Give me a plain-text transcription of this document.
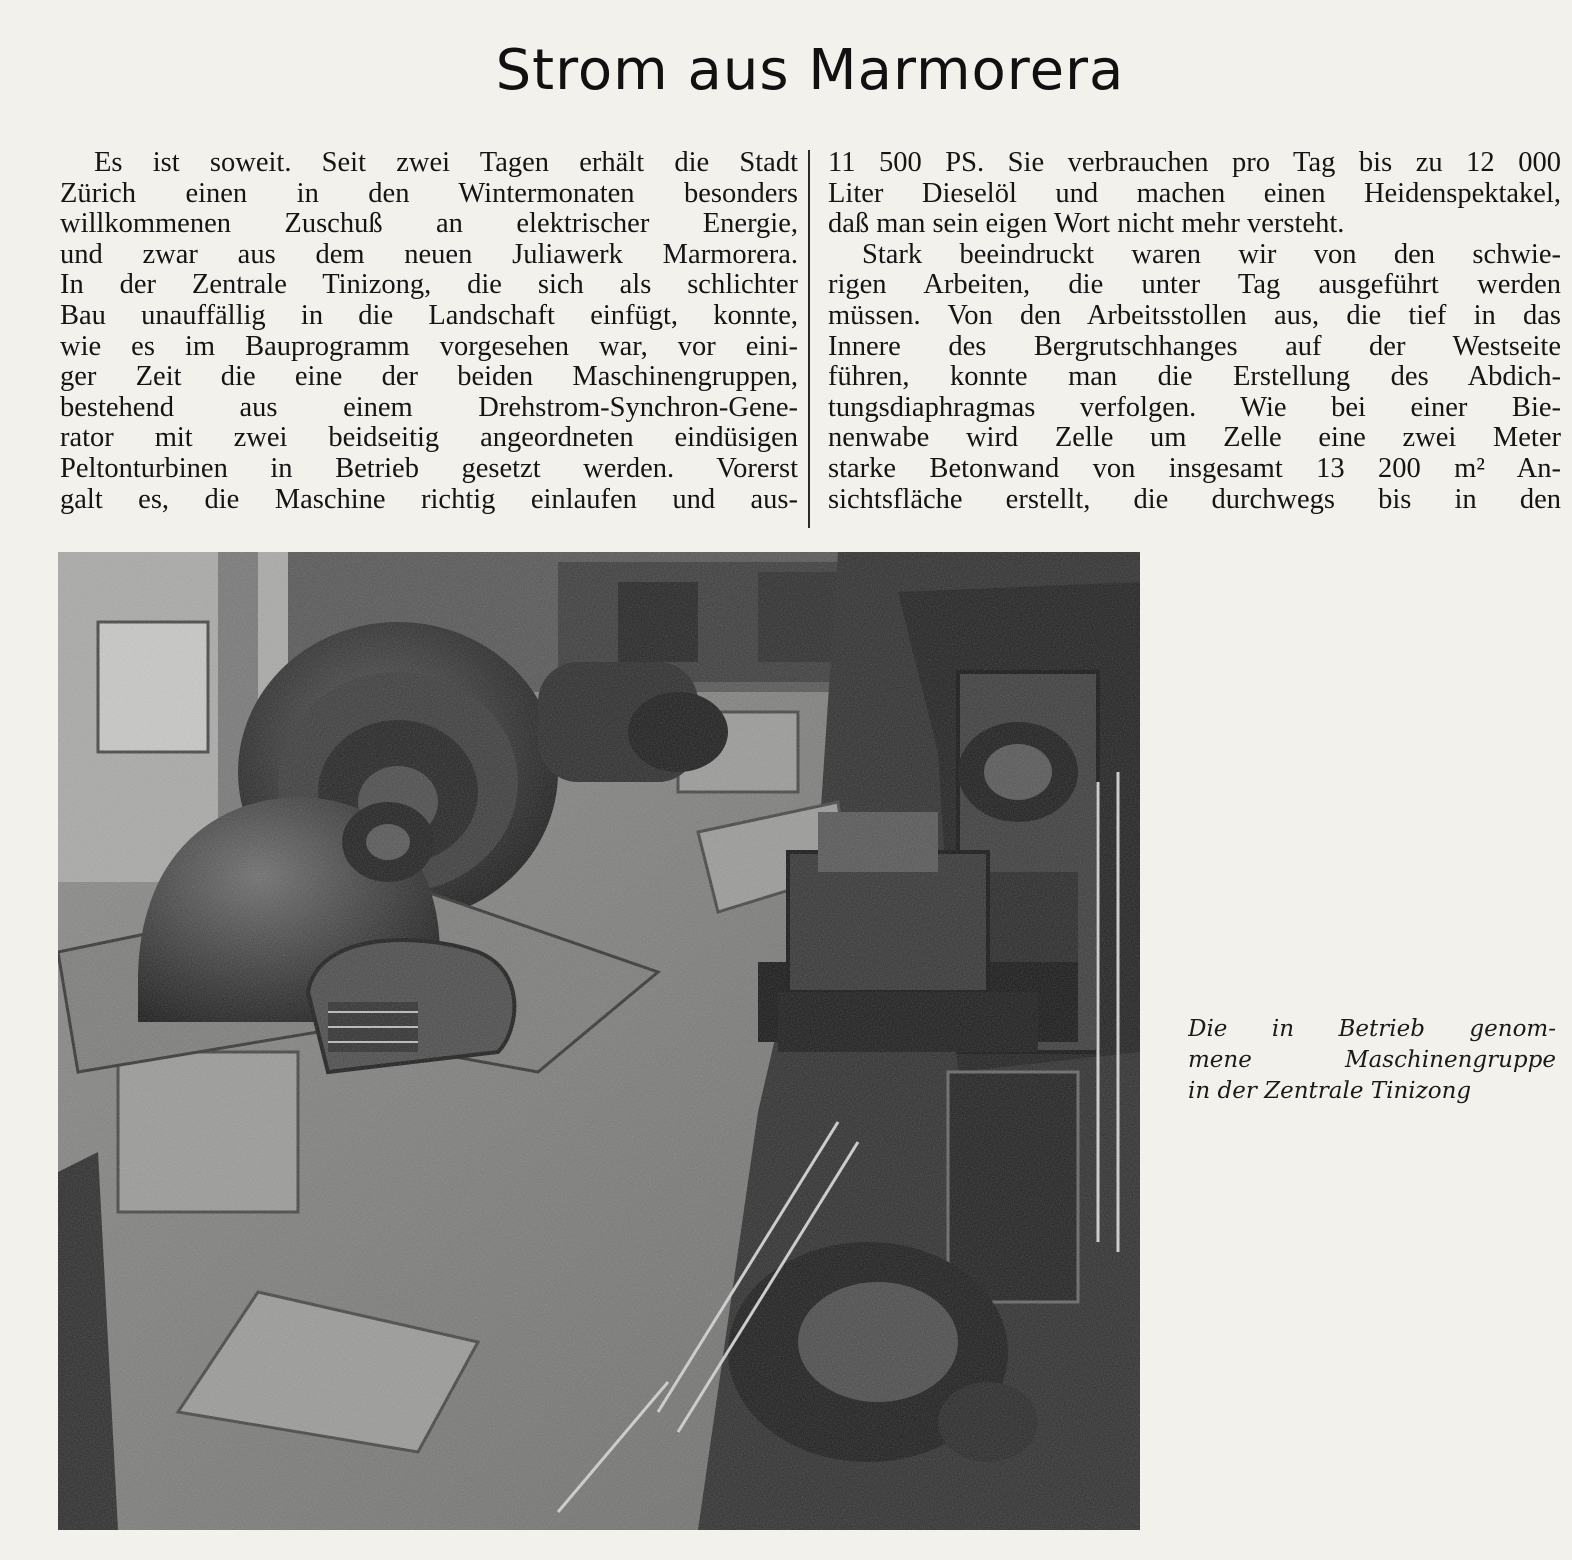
Strom aus Marmorera
Es ist soweit. Seit zwei Tagen erhält die Stadt
Zürich einen in den Wintermonaten besonders
willkommenen Zuschuß an elektrischer Energie,
und zwar aus dem neuen Juliawerk Marmorera.
In der Zentrale Tinizong, die sich als schlichter
Bau unauffällig in die Landschaft einfügt, konnte,
wie es im Bauprogramm vorgesehen war, vor eini-
ger Zeit die eine der beiden Maschinengruppen,
bestehend aus einem Drehstrom-Synchron-Gene-
rator mit zwei beidseitig angeordneten eindüsigen
Peltonturbinen in Betrieb gesetzt werden. Vorerst
galt es, die Maschine richtig einlaufen und aus-
11 500 PS. Sie verbrauchen pro Tag bis zu 12 000
Liter Dieselöl und machen einen Heidenspektakel,
daß man sein eigen Wort nicht mehr versteht.
Stark beeindruckt waren wir von den schwie-
rigen Arbeiten, die unter Tag ausgeführt werden
müssen. Von den Arbeitsstollen aus, die tief in das
Innere des Bergrutschhanges auf der Westseite
führen, konnte man die Erstellung des Abdich-
tungsdiaphragmas verfolgen. Wie bei einer Bie-
nenwabe wird Zelle um Zelle eine zwei Meter
starke Betonwand von insgesamt 13 200 m² An-
sichtsfläche erstellt, die durchwegs bis in den
Die in Betrieb genom-
mene Maschinengruppe
in der Zentrale Tinizong
